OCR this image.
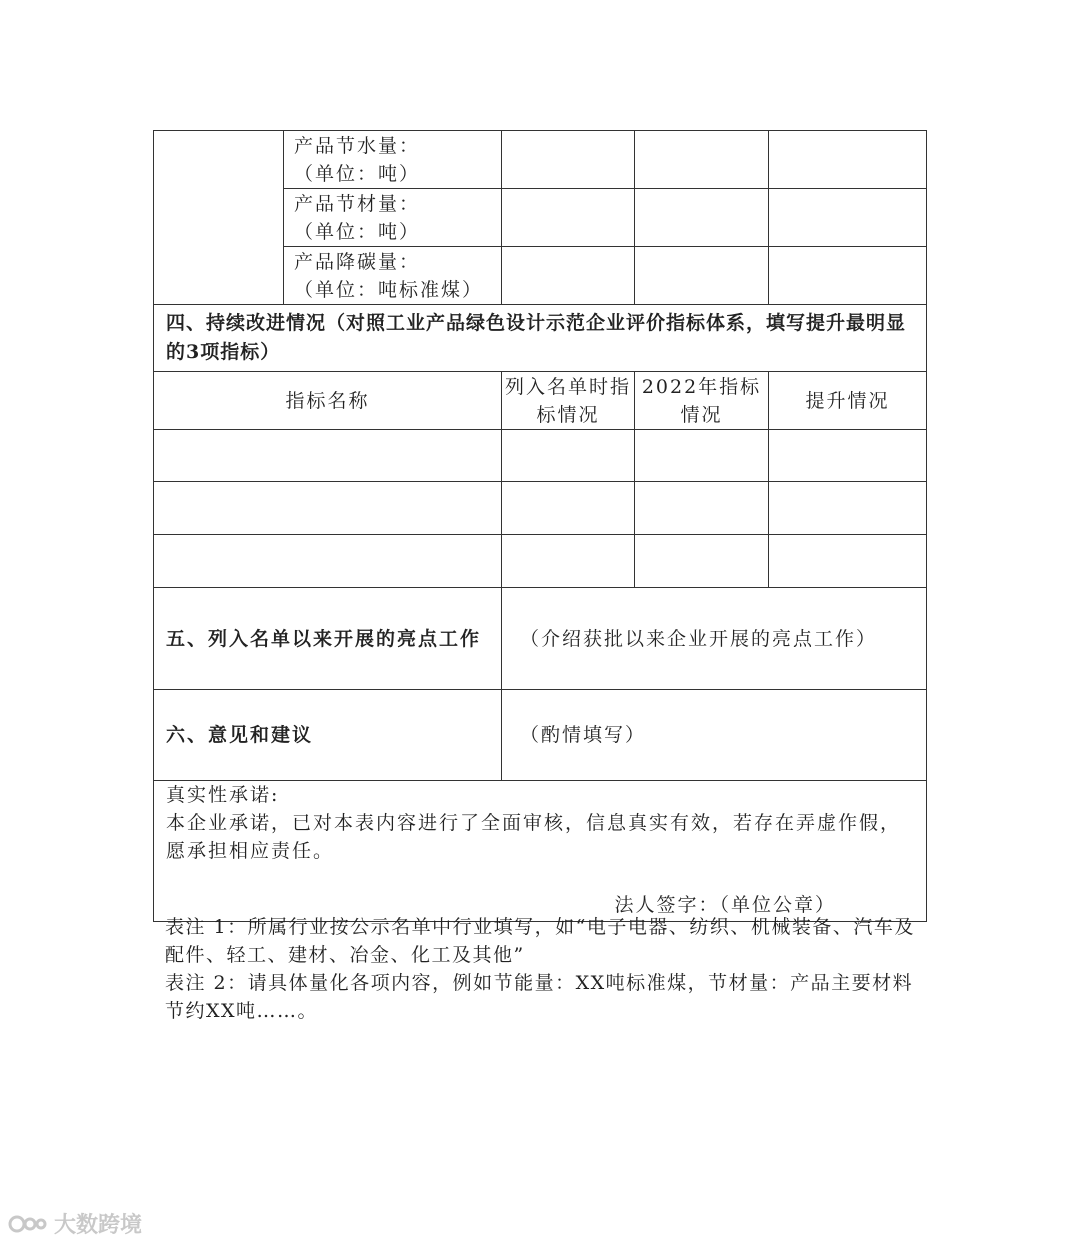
	产品节水量：
（单位：吨）			

	产品节材量：
（单位：吨）			

	产品降碳量：
（单位：吨标准煤）			

四、持续改进情况（对照工业产品绿色设计示范企业评价指标体系，填写提升最明显的3项指标）				
指标名称		列入名单时指标情况	2022年指标情况	提升情况

五、列入名单以来开展的亮点工作		（介绍获批以来企业开展的亮点工作）		
六、意见和建议		（酌情填写）		

真实性承诺:
本企业承诺，已对本表内容进行了全面审核，信息真实有效，若存在弄虚作假，愿承担相应责任。
法人签字：（单位公章）				

表注 1：所属行业按公示名单中行业填写，如“电子电器、纺织、机械装备、汽车及配件、轻工、建材、冶金、化工及其他”

表注 2：请具体量化各项内容，例如节能量：XX吨标准煤，节材量：产品主要材料节约XX吨……。

大数跨境
